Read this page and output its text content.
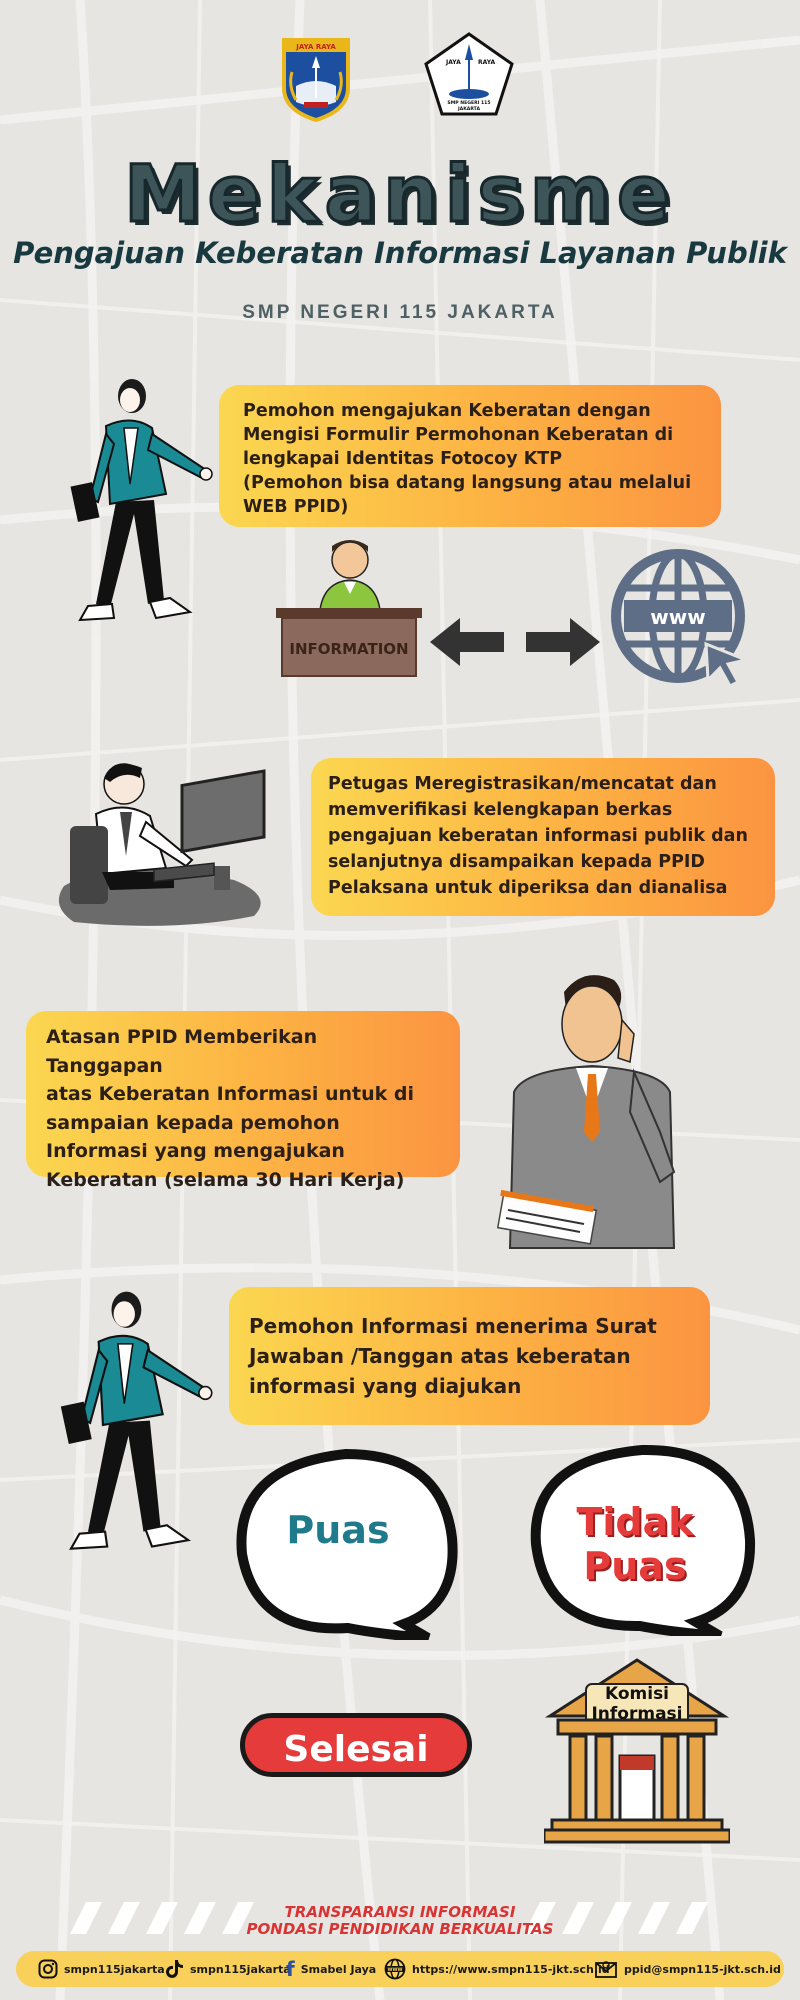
JAYA RAYA
JAYA	RAYA
SMP NEGERI 115
JAKARTA
Mekanisme
Pengajuan Keberatan Informasi Layanan Publik
SMP NEGERI 115 JAKARTA

Pemohon mengajukan Keberatan dengan
Mengisi Formulir Permohonan Keberatan di
lengkapai Identitas Fotocoy KTP
(Pemohon bisa datang langsung atau melalui
WEB PPID)

INFORMATION
www

Petugas Meregistrasikan/mencatat dan
memverifikasi kelengkapan berkas
pengajuan keberatan informasi publik dan
selanjutnya disampaikan kepada PPID
Pelaksana untuk diperiksa dan dianalisa

Atasan PPID Memberikan Tanggapan
atas Keberatan Informasi untuk di
sampaian kepada pemohon
Informasi yang mengajukan
Keberatan (selama 30 Hari Kerja)

Pemohon Informasi menerima Surat
Jawaban /Tanggan atas keberatan
informasi yang diajukan

Puas	Tidak
Puas
Selesai
Komisi
Informasi
TRANSPARANSI INFORMASI
PONDASI PENDIDIKAN BERKUALITAS
smpn115jakarta smpn115jakarta
f Smabel Jaya	WWW https://www.smpn115-jkt.sch.id ppid@smpn115-jkt.sch.id
